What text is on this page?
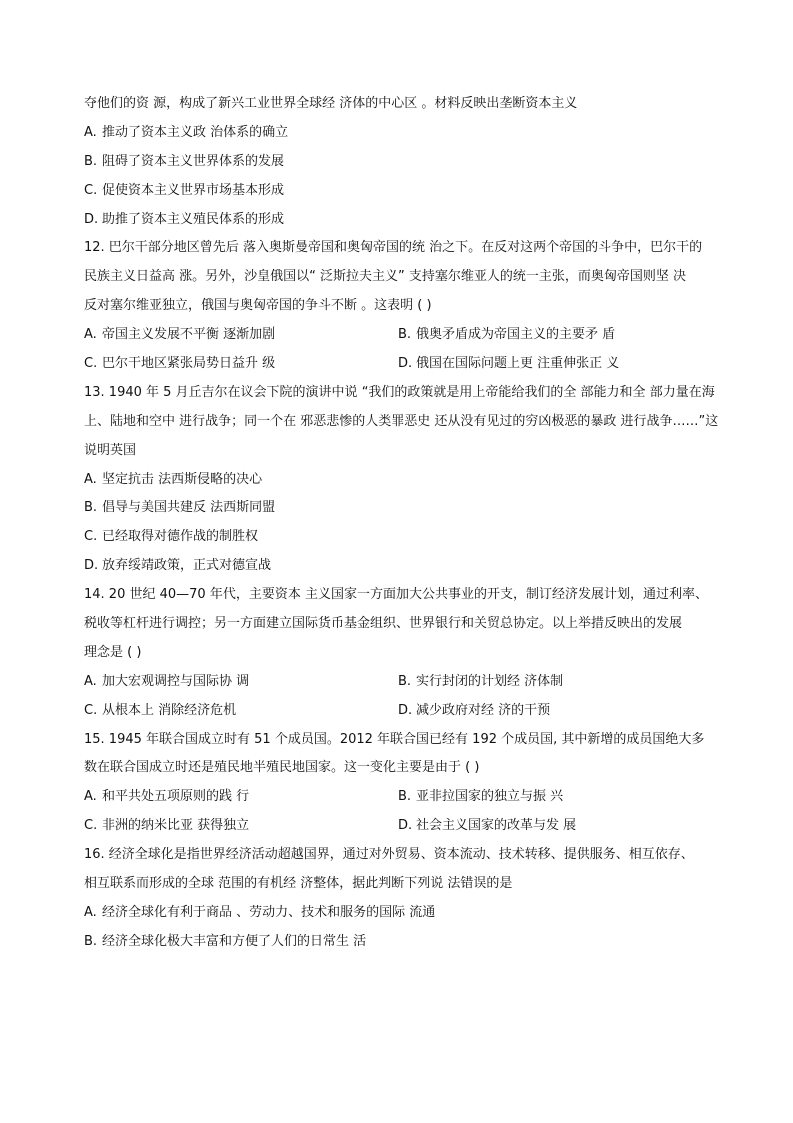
夺他们的资 源，构成了新兴工业世界全球经 济体的中心区 。材料反映出垄断资本主义
A. 推动了资本主义政 治体系的确立
B. 阻碍了资本主义世界体系的发展
C. 促使资本主义世界市场基本形成
D. 助推了资本主义殖民体系的形成
12. 巴尔干部分地区曾先后 落入奥斯曼帝国和奥匈帝国的统 治之下。在反对这两个帝国的斗争中，巴尔干的
民族主义日益高 涨。另外，沙皇俄国以“ 泛斯拉夫主义” 支持塞尔维亚人的统一主张，而奥匈帝国则坚 决
反对塞尔维亚独立，俄国与奥匈帝国的争斗不断 。这表明 ( )
A. 帝国主义发展不平衡 逐渐加剧	B. 俄奥矛盾成为帝国主义的主要矛 盾
C. 巴尔干地区紧张局势日益升 级	D. 俄国在国际问题上更 注重伸张正 义
13. 1940 年 5 月丘吉尔在议会下院的演讲中说 “我们的政策就是用上帝能给我们的全 部能力和全 部力量在海
上、陆地和空中 进行战争；同一个在 邪恶悲惨的人类罪恶史 还从没有见过的穷凶极恶的暴政 进行战争……”这
说明英国
A. 坚定抗击 法西斯侵略的决心
B. 倡导与美国共建反 法西斯同盟
C. 已经取得对德作战的制胜权
D. 放弃绥靖政策，正式对德宣战
14. 20 世纪 40—70 年代，主要资本 主义国家一方面加大公共事业的开支，制订经济发展计划，通过利率、
税收等杠杆进行调控；另一方面建立国际货币基金组织、世界银行和关贸总协定。以上举措反映出的发展
理念是 ( )
A. 加大宏观调控与国际协 调	B. 实行封闭的计划经 济体制
C. 从根本上 消除经济危机	D. 减少政府对经 济的干预
15. 1945 年联合国成立时有 51 个成员国。2012 年联合国已经有 192 个成员国, 其中新增的成员国绝大多
数在联合国成立时还是殖民地半殖民地国家。这一变化主要是由于 ( )
A. 和平共处五项原则的践 行	B. 亚非拉国家的独立与振 兴
C. 非洲的纳米比亚 获得独立	D. 社会主义国家的改革与发 展
16. 经济全球化是指世界经济活动超越国界，通过对外贸易、资本流动、技术转移、提供服务、相互依存、
相互联系而形成的全球 范围的有机经 济整体，据此判断下列说 法错误的是
A. 经济全球化有利于商品 、劳动力、技术和服务的国际 流通
B. 经济全球化极大丰富和方便了人们的日常生 活
